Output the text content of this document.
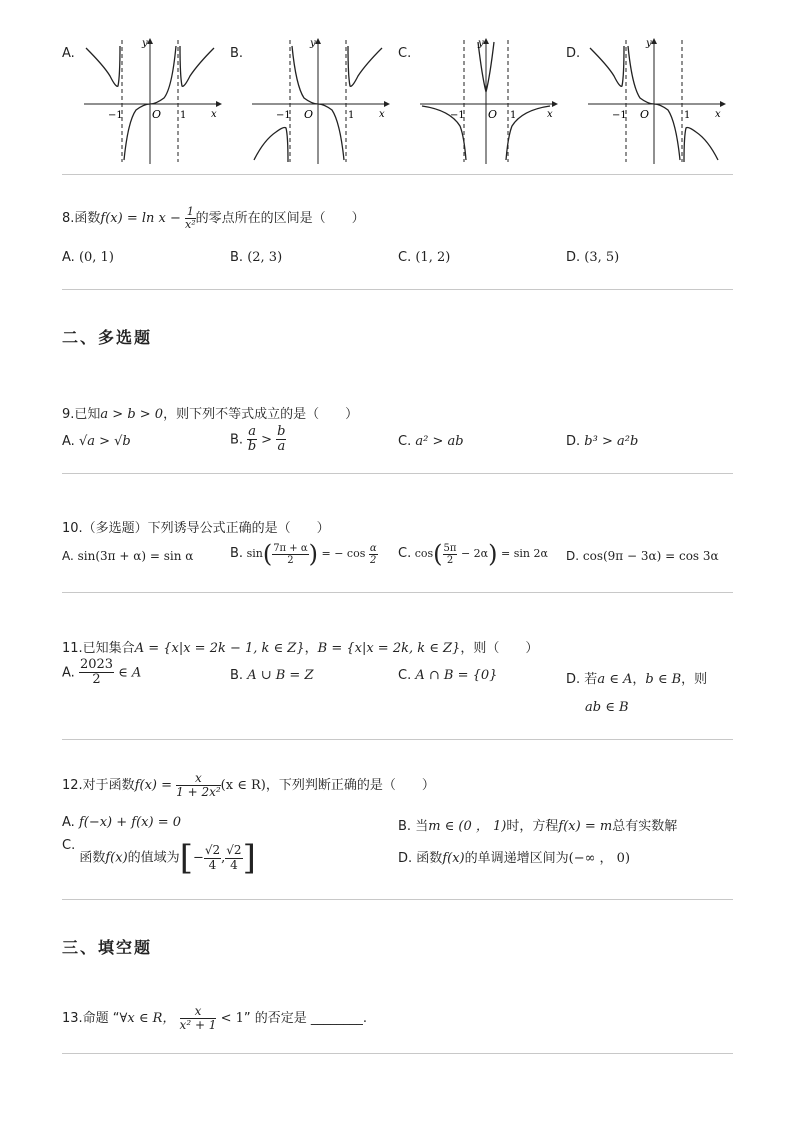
A.	B.	C.	D.
−1	1
O	x
y
−1	1
O	x
y
−1	1
O	x
y
−1	1
O	x
y
8.函数$f(x) = \ln x - \frac{1}{\text{x²}}$ 的零点所在的区间是（　　）
A. (0, 1)	B. (2, 3)	C. (1, 2)	D. (3, 5)
二、多选题
9.已知a > b > 0，则下列不等式成立的是（　　）
A. √a > √b	B. $\frac{a}{b} > \frac{b}{a}$	C. a² > ab	D. b³ > a²b
10.（多选题）下列诱导公式正确的是（　　）
A. sin(3π + α) = sin α	B. $\sin( \frac{7\pi + \alpha}{2}$ ) = − $\cos \frac{\alpha}{2} C$. $\cos( \frac{5\pi}{2} - 2\alpha) = \sin 2\alpha$ D. cos(9π − 3α) = cos 3α
11.已知集合A = {x|x = 2k − 1, k ∈ Z}，B = {x|x = 2k, k ∈ Z}，则（　　）
A. $\frac{2023}{2}$ ∈ A	B. A ∪ B = Z	C. A ∩ B = {0}	D. 若a ∈ A，b ∈ B，则
ab ∈ B
12.对于函数$f(x) = \frac{x}{\text{1 + 2x²}} (x$ ∈ R)，下列判断正确的是（　　）
A. f(−x) + f(x) = 0	B. 当m ∈ (0 ， 1)时，方程f(x) = m总有实数解
C. 函数f(x)的值域为[− $\frac{√2}{4}$ , $\frac{√2}{4}$ ]	D. 函数f(x)的单调递增区间为(−∞ ， 0)
三、填空题
13.命题 “∀x ∈ R， $\frac{x}{\text{x² + 1}} < 1$” 的否定是 ________.
